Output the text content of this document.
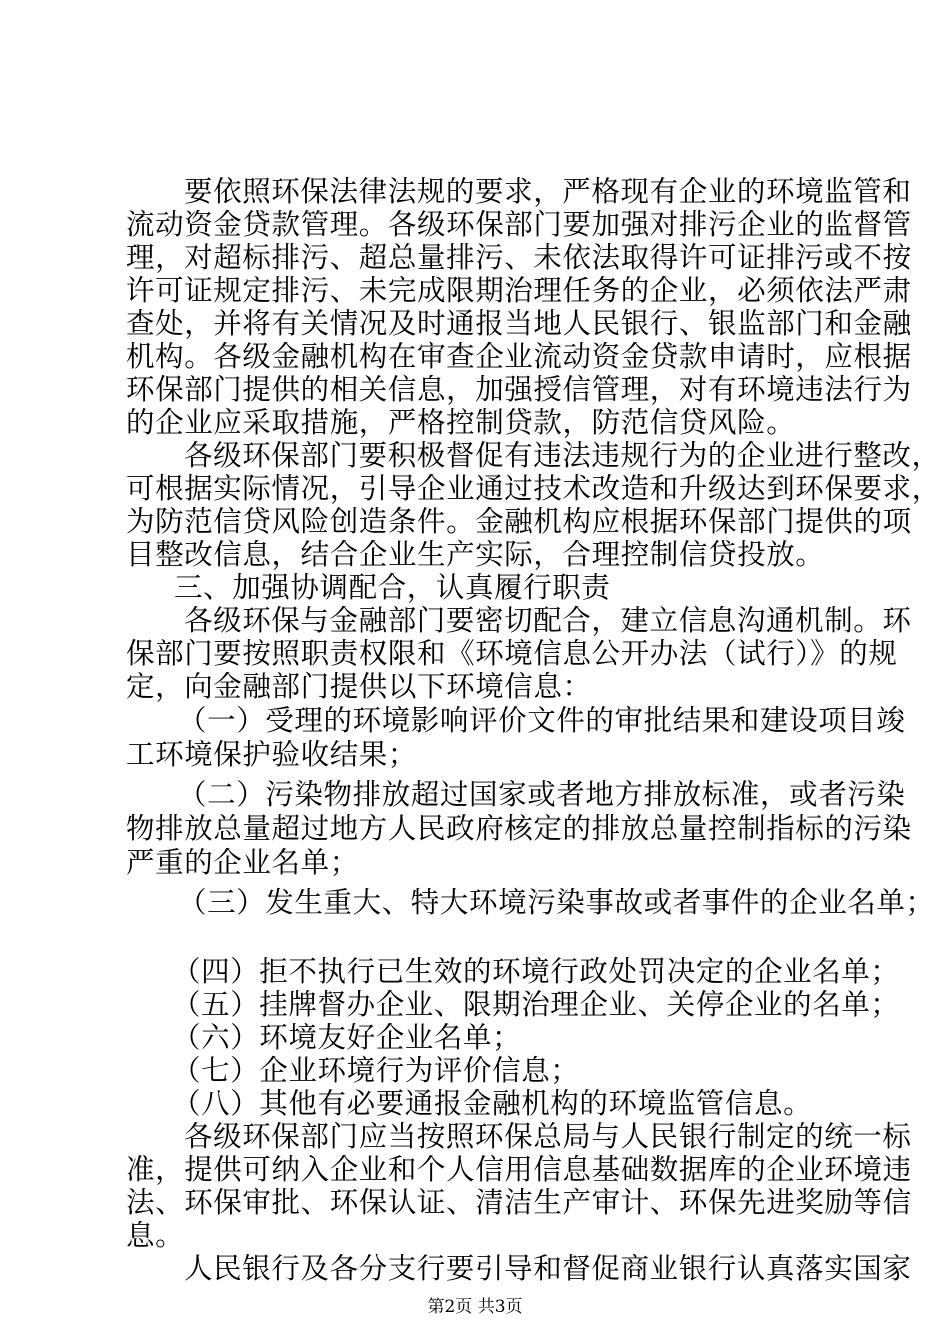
要依照环保法律法规的要求，严格现有企业的环境监管和
流动资金贷款管理。各级环保部门要加强对排污企业的监督管
理，对超标排污、超总量排污、未依法取得许可证排污或不按
许可证规定排污、未完成限期治理任务的企业，必须依法严肃
查处，并将有关情况及时通报当地人民银行、银监部门和金融
机构。各级金融机构在审查企业流动资金贷款申请时，应根据
环保部门提供的相关信息，加强授信管理，对有环境违法行为
的企业应采取措施，严格控制贷款，防范信贷风险。
各级环保部门要积极督促有违法违规行为的企业进行整改，
可根据实际情况，引导企业通过技术改造和升级达到环保要求，
为防范信贷风险创造条件。金融机构应根据环保部门提供的项
目整改信息，结合企业生产实际，合理控制信贷投放。
三、加强协调配合，认真履行职责
各级环保与金融部门要密切配合，建立信息沟通机制。环
保部门要按照职责权限和《环境信息公开办法（试行）》的规
定，向金融部门提供以下环境信息：
（一）受理的环境影响评价文件的审批结果和建设项目竣
工环境保护验收结果；
（二）污染物排放超过国家或者地方排放标准，或者污染
物排放总量超过地方人民政府核定的排放总量控制指标的污染
严重的企业名单；
（三）发生重大、特大环境污染事故或者事件的企业名单；
（四）拒不执行已生效的环境行政处罚决定的企业名单；
（五）挂牌督办企业、限期治理企业、关停企业的名单；
（六）环境友好企业名单；
（七）企业环境行为评价信息；
（八）其他有必要通报金融机构的环境监管信息。
各级环保部门应当按照环保总局与人民银行制定的统一标
准，提供可纳入企业和个人信用信息基础数据库的企业环境违
法、环保审批、环保认证、清洁生产审计、环保先进奖励等信
息。
人民银行及各分支行要引导和督促商业银行认真落实国家
第2页 共3页
